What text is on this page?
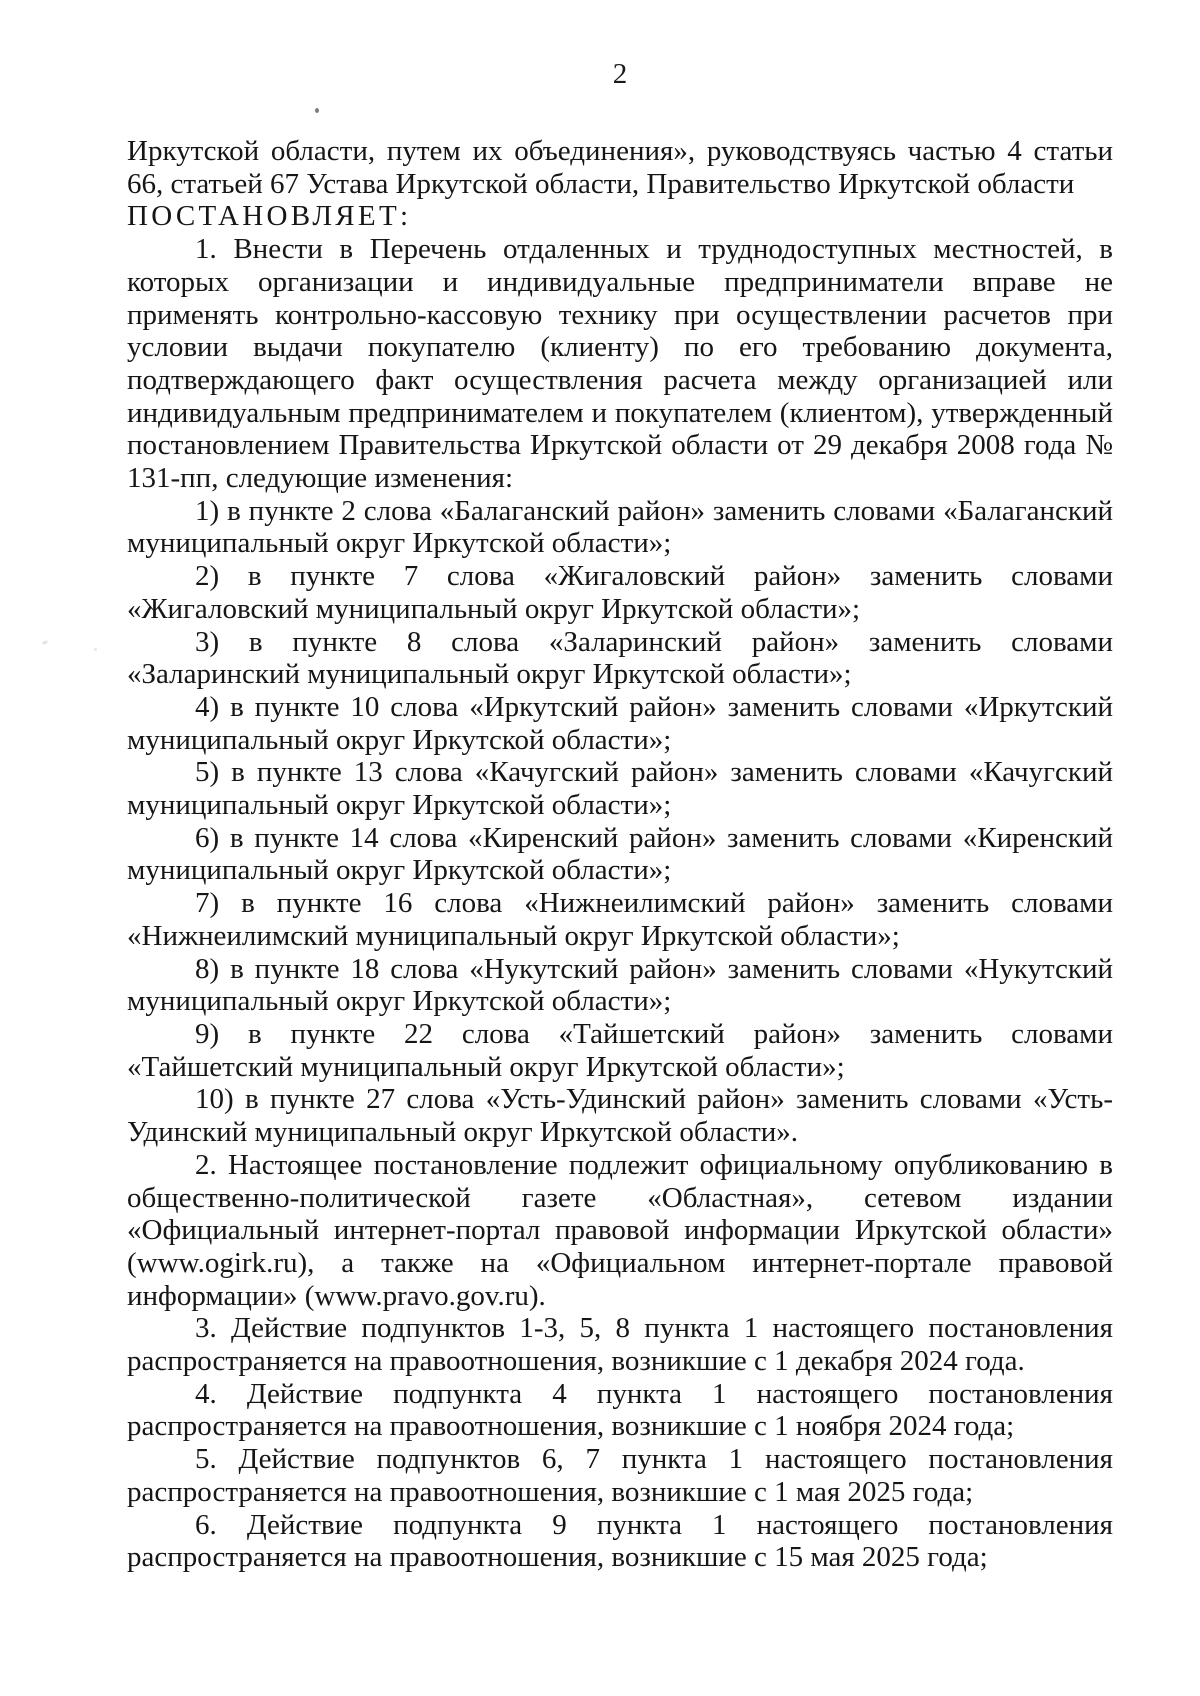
2

Иркутской области, путем их объединения», руководствуясь частью 4 статьи 66, статьей 67 Устава Иркутской области, Правительство Иркутской области

ПОСТАНОВЛЯЕТ:

1. Внести в Перечень отдаленных и труднодоступных местностей, в которых организации и индивидуальные предприниматели вправе не применять контрольно-кассовую технику при осуществлении расчетов при условии выдачи покупателю (клиенту) по его требованию документа, подтверждающего факт осуществления расчета между организацией или индивидуальным предпринимателем и покупателем (клиентом), утвержденный постановлением Правительства Иркутской области от 29 декабря 2008 года № 131-пп, следующие изменения:

1) в пункте 2 слова «Балаганский район» заменить словами «Балаганский муниципальный округ Иркутской области»;

2) в пункте 7 слова «Жигаловский район» заменить словами «Жигаловский муниципальный округ Иркутской области»;

3) в пункте 8 слова «Заларинский район» заменить словами «Заларинский муниципальный округ Иркутской области»;

4) в пункте 10 слова «Иркутский район» заменить словами «Иркутский муниципальный округ Иркутской области»;

5) в пункте 13 слова «Качугский район» заменить словами «Качугский муниципальный округ Иркутской области»;

6) в пункте 14 слова «Киренский район» заменить словами «Киренский муниципальный округ Иркутской области»;

7) в пункте 16 слова «Нижнеилимский район» заменить словами «Нижнеилимский муниципальный округ Иркутской области»;

8) в пункте 18 слова «Нукутский район» заменить словами «Нукутский муниципальный округ Иркутской области»;

9) в пункте 22 слова «Тайшетский район» заменить словами «Тайшетский муниципальный округ Иркутской области»;

10) в пункте 27 слова «Усть-Удинский район» заменить словами «Усть-Удинский муниципальный округ Иркутской области».

2. Настоящее постановление подлежит официальному опубликованию в общественно-политической газете «Областная», сетевом издании «Официальный интернет-портал правовой информации Иркутской области» (www.ogirk.ru), а также на «Официальном интернет-портале правовой информации» (www.pravo.gov.ru).

3. Действие подпунктов 1-3, 5, 8 пункта 1 настоящего постановления распространяется на правоотношения, возникшие с 1 декабря 2024 года.

4. Действие подпункта 4 пункта 1 настоящего постановления распространяется на правоотношения, возникшие с 1 ноября 2024 года;

5. Действие подпунктов 6, 7 пункта 1 настоящего постановления распространяется на правоотношения, возникшие с 1 мая 2025 года;

6. Действие подпункта 9 пункта 1 настоящего постановления распространяется на правоотношения, возникшие с 15 мая 2025 года;
